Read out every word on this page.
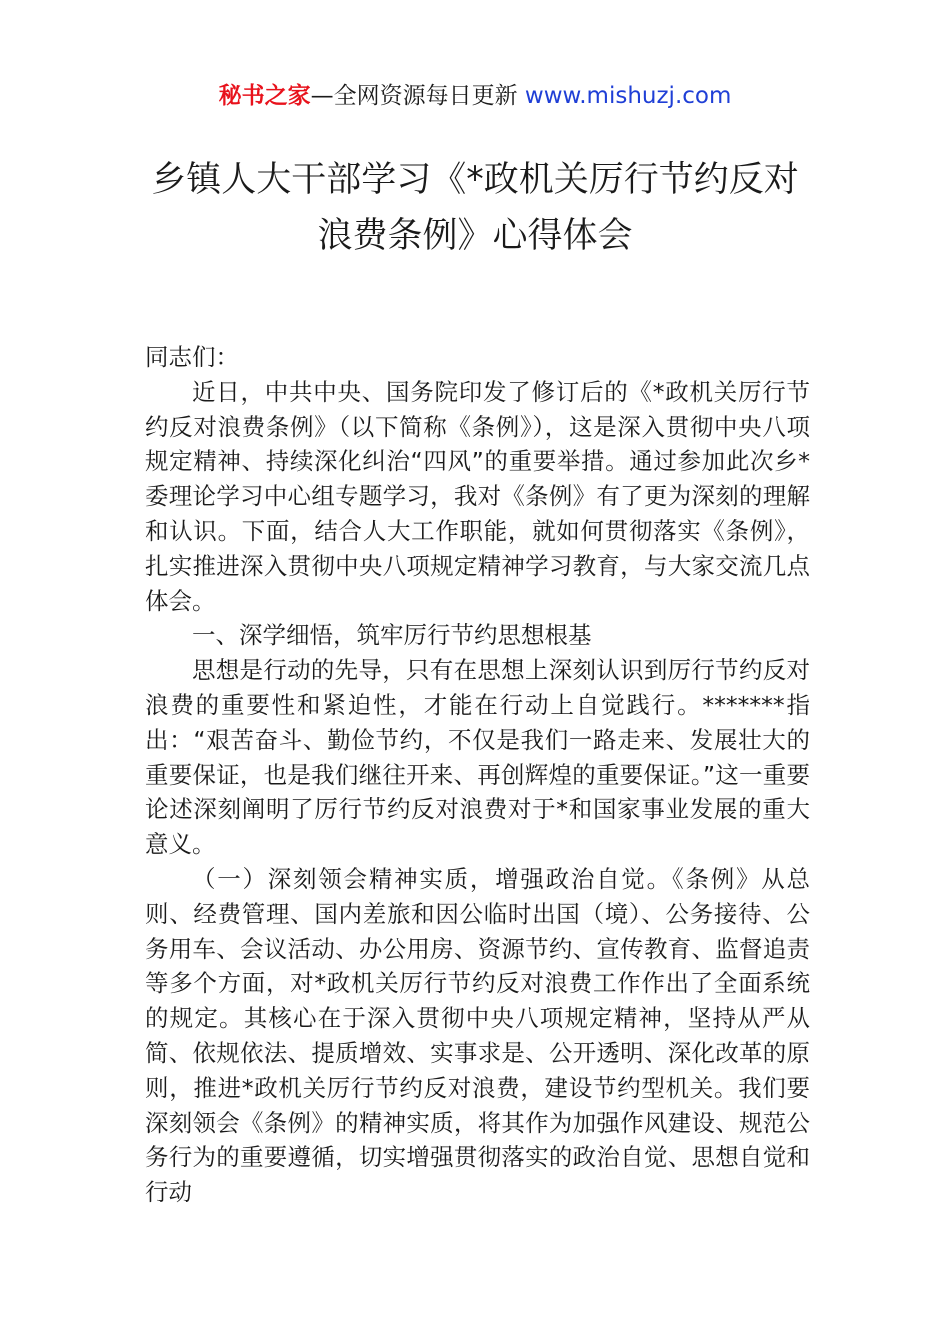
秘书之家—全网资源每日更新 www.mishuzj.com
乡镇人大干部学习《*政机关厉行节约反对
浪费条例》心得体会

同志们：

近日，中共中央、国务院印发了修订后的《*政机关厉行节约反对浪费条例》（以下简称《条例》），这是深入贯彻中央八项规定精神、持续深化纠治“四风”的重要举措。通过参加此次乡*委理论学习中心组专题学习，我对《条例》有了更为深刻的理解和认识。下面，结合人大工作职能，就如何贯彻落实《条例》，扎实推进深入贯彻中央八项规定精神学习教育，与大家交流几点体会。

一、深学细悟，筑牢厉行节约思想根基

思想是行动的先导，只有在思想上深刻认识到厉行节约反对浪费的重要性和紧迫性，才能在行动上自觉践行。*******指出：“艰苦奋斗、勤俭节约，不仅是我们一路走来、发展壮大的重要保证，也是我们继往开来、再创辉煌的重要保证。”这一重要论述深刻阐明了厉行节约反对浪费对于*和国家事业发展的重大意义。

（一）深刻领会精神实质，增强政治自觉。《条例》从总则、经费管理、国内差旅和因公临时出国（境）、公务接待、公务用车、会议活动、办公用房、资源节约、宣传教育、监督追责等多个方面，对*政机关厉行节约反对浪费工作作出了全面系统的规定。其核心在于深入贯彻中央八项规定精神，坚持从严从简、依规依法、提质增效、实事求是、公开透明、深化改革的原则，推进*政机关厉行节约反对浪费，建设节约型机关。我们要深刻领会《条例》的精神实质，将其作为加强作风建设、规范公务行为的重要遵循，切实增强贯彻落实的政治自觉、思想自觉和行动
